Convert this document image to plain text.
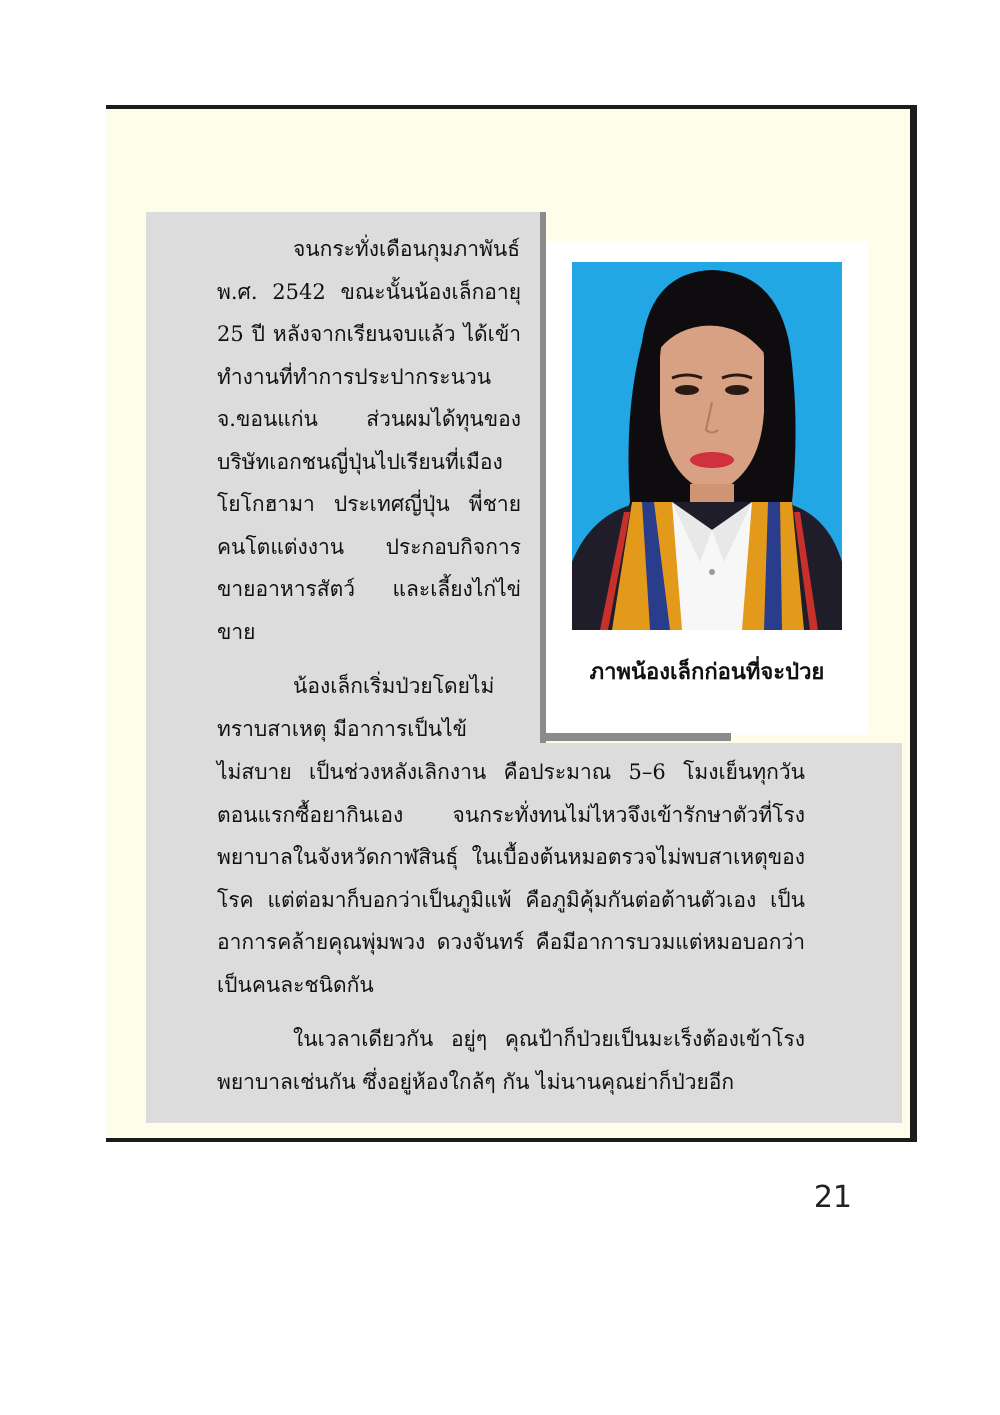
ภาพน้องเล็กก่อนที่จะป่วย

จนกระทั่งเดือนกุมภาพันธ์ พ.ศ. 2542 ขณะนั้นน้องเล็กอายุ 25 ปี หลังจากเรียนจบแล้ว ได้เข้าทำงานที่ทำการประปากระนวน จ.ขอนแก่น ส่วนผมได้ทุนของบริษัทเอกชนญี่ปุ่นไปเรียนที่เมืองโยโกฮามา ประเทศญี่ปุ่น พี่ชายคนโตแต่งงาน ประกอบกิจการขายอาหารสัตว์ และเลี้ยงไก่ไข่ขาย

น้องเล็กเริ่มป่วยโดยไม่ทราบสาเหตุ มีอาการเป็นไข้

ไม่สบาย เป็นช่วงหลังเลิกงาน คือประมาณ 5–6 โมงเย็นทุกวัน ตอนแรกซื้อยากินเอง จนกระทั่งทนไม่ไหวจึงเข้ารักษาตัวที่โรงพยาบาลในจังหวัดกาฬสินธุ์ ในเบื้องต้นหมอตรวจไม่พบสาเหตุของโรค แต่ต่อมาก็บอกว่าเป็นภูมิแพ้ คือภูมิคุ้มกันต่อต้านตัวเอง เป็นอาการคล้ายคุณพุ่มพวง ดวงจันทร์ คือมีอาการบวมแต่หมอบอกว่าเป็นคนละชนิดกัน

ในเวลาเดียวกัน อยู่ๆ คุณป้าก็ป่วยเป็นมะเร็งต้องเข้าโรงพยาบาลเช่นกัน ซึ่งอยู่ห้องใกล้ๆ กัน ไม่นานคุณย่าก็ป่วยอีก

21
